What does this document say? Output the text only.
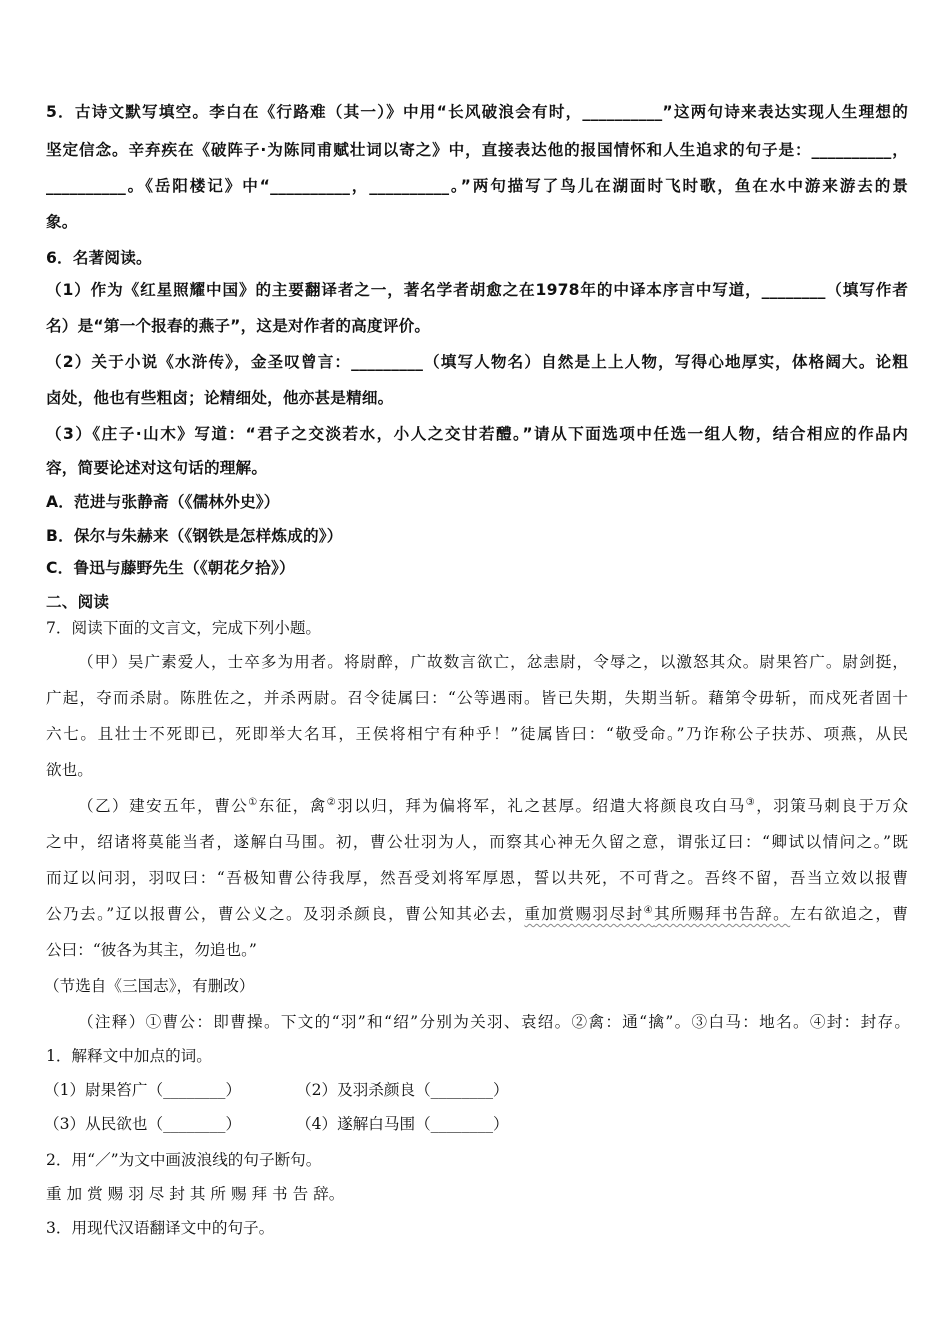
5．古诗文默写填空。李白在《行路难（其一）》中用“长风破浪会有时，__________”这两句诗来表达实现人生理想的
坚定信念。辛弃疾在《破阵子·为陈同甫赋壮词以寄之》中，直接表达他的报国情怀和人生追求的句子是：__________，
__________。《岳阳楼记》中“__________，__________。”两句描写了鸟儿在湖面时飞时歌，鱼在水中游来游去的景
象。
6．名著阅读。
（1）作为《红星照耀中国》的主要翻译者之一，著名学者胡愈之在1978年的中译本序言中写道，________（填写作者
名）是“第一个报春的燕子”，这是对作者的高度评价。
（2）关于小说《水浒传》，金圣叹曾言：_________（填写人物名）自然是上上人物，写得心地厚实，体格阔大。论粗
卤处，他也有些粗卤；论精细处，他亦甚是精细。
（3）《庄子·山木》写道：“君子之交淡若水，小人之交甘若醴。”请从下面选项中任选一组人物，结合相应的作品内
容，简要论述对这句话的理解。
A．范进与张静斋（《儒林外史》）
B．保尔与朱赫来（《钢铁是怎样炼成的》）
C．鲁迅与藤野先生（《朝花夕拾》）
二、阅读
7．阅读下面的文言文，完成下列小题。
（甲）吴广素爱人，士卒多为用者。将尉醉，广故数言欲亡，忿恚尉，令辱之，以激怒其众。尉果笞广。尉剑挺，
广起，夺而杀尉。陈胜佐之，并杀两尉。召令徒属曰：“公等遇雨。皆已失期，失期当斩。藉第令毋斩，而戍死者固十
六七。且壮士不死即已，死即举大名耳，王侯将相宁有种乎！”徒属皆曰：“敬受命。”乃诈称公子扶苏、项燕，从民
欲也。
（乙）建安五年，曹公①东征，禽②羽以归，拜为偏将军，礼之甚厚。绍遣大将颜良攻白马③，羽策马刺良于万众
之中，绍诸将莫能当者，遂解白马围。初，曹公壮羽为人，而察其心神无久留之意，谓张辽曰：“卿试以情问之。”既
而辽以问羽，羽叹曰：“吾极知曹公待我厚，然吾受刘将军厚恩，誓以共死，不可背之。吾终不留，吾当立效以报曹
公乃去。”辽以报曹公，曹公义之。及羽杀颜良，曹公知其必去，重加赏赐羽尽封④其所赐拜书告辞。左右欲追之，曹
公曰：“彼各为其主，勿追也。”
（节选自《三国志》，有删改）
（注释）①曹公：即曹操。下文的“羽”和“绍”分别为关羽、袁绍。②禽：通“擒”。③白马：地名。④封：封存。
1．解释文中加点的词。
（1）尉果笞广（________）	（2）及羽杀颜良（________）
（3）从民欲也（________）	（4）遂解白马围（________）
2．用“／”为文中画波浪线的句子断句。
重 加 赏 赐 羽 尽 封 其 所 赐 拜 书 告 辞。
3．用现代汉语翻译文中的句子。
